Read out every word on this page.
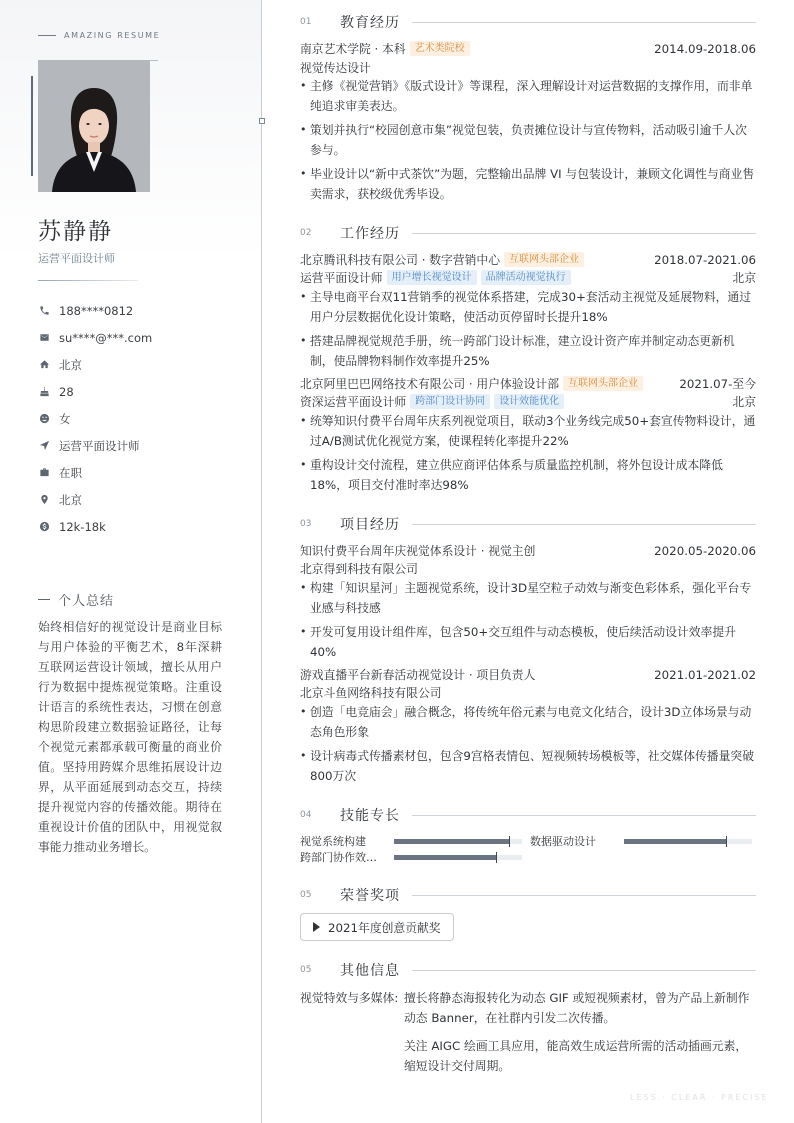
AMAZING RESUME
苏静静
运营平面设计师
188****0812
su****@***.com
北京
28
女
运营平面设计师
在职
北京
12k-18k
个人总结
始终相信好的视觉设计是商业目标与用户体验的平衡艺术，8年深耕互联网运营设计领域，擅长从用户行为数据中提炼视觉策略。注重设计语言的系统性表达，习惯在创意构思阶段建立数据验证路径，让每个视觉元素都承载可衡量的商业价值。坚持用跨媒介思维拓展设计边界，从平面延展到动态交互，持续提升视觉内容的传播效能。期待在重视设计价值的团队中，用视觉叙事能力推动业务增长。
01	教育经历
南京艺术学院 · 本科 艺术类院校	2014.09-2018.06
视觉传达设计
• 主修《视觉营销》《版式设计》等课程，深入理解设计对运营数据的支撑作用，而非单纯追求审美表达。
• 策划并执行“校园创意市集”视觉包装，负责摊位设计与宣传物料，活动吸引逾千人次参与。
• 毕业设计以“新中式茶饮”为题，完整输出品牌 VI 与包装设计，兼顾文化调性与商业售卖需求，获校级优秀毕设。
02	工作经历
北京腾讯科技有限公司 · 数字营销中心 互联网头部企业	2018.07-2021.06
运营平面设计师 用户增长视觉设计	品牌活动视觉执行	北京
• 主导电商平台双11营销季的视觉体系搭建，完成30+套活动主视觉及延展物料，通过用户分层数据优化设计策略，使活动页停留时长提升18%
• 搭建品牌视觉规范手册，统一跨部门设计标准，建立设计资产库并制定动态更新机制，使品牌物料制作效率提升25%
北京阿里巴巴网络技术有限公司 · 用户体验设计部 互联网头部企业	2021.07-至今
资深运营平面设计师 跨部门设计协同	设计效能优化	北京
• 统筹知识付费平台周年庆系列视觉项目，联动3个业务线完成50+套宣传物料设计，通过A/B测试优化视觉方案，使课程转化率提升22%
• 重构设计交付流程，建立供应商评估体系与质量监控机制，将外包设计成本降低18%，项目交付准时率达98%
03	项目经历
知识付费平台周年庆视觉体系设计 · 视觉主创	2020.05-2020.06
北京得到科技有限公司
• 构建「知识星河」主题视觉系统，设计3D星空粒子动效与渐变色彩体系，强化平台专业感与科技感
• 开发可复用设计组件库，包含50+交互组件与动态模板，使后续活动设计效率提升40%
游戏直播平台新春活动视觉设计 · 项目负责人	2021.01-2021.02
北京斗鱼网络科技有限公司
• 创造「电竞庙会」融合概念，将传统年俗元素与电竞文化结合，设计3D立体场景与动态角色形象
• 设计病毒式传播素材包，包含9宫格表情包、短视频转场模板等，社交媒体传播量突破800万次
04	技能专长
视觉系统构建	数据驱动设计
跨部门协作效…
05	荣誉奖项
2021年度创意贡献奖
05	其他信息
视觉特效与多媒体: 擅长将静态海报转化为动态 GIF 或短视频素材，曾为产品上新制作动态 Banner，在社群内引发二次传播。
关注 AIGC 绘画工具应用，能高效生成运营所需的活动插画元素，缩短设计交付周期。
LESS · CLEAR · PRECISE
